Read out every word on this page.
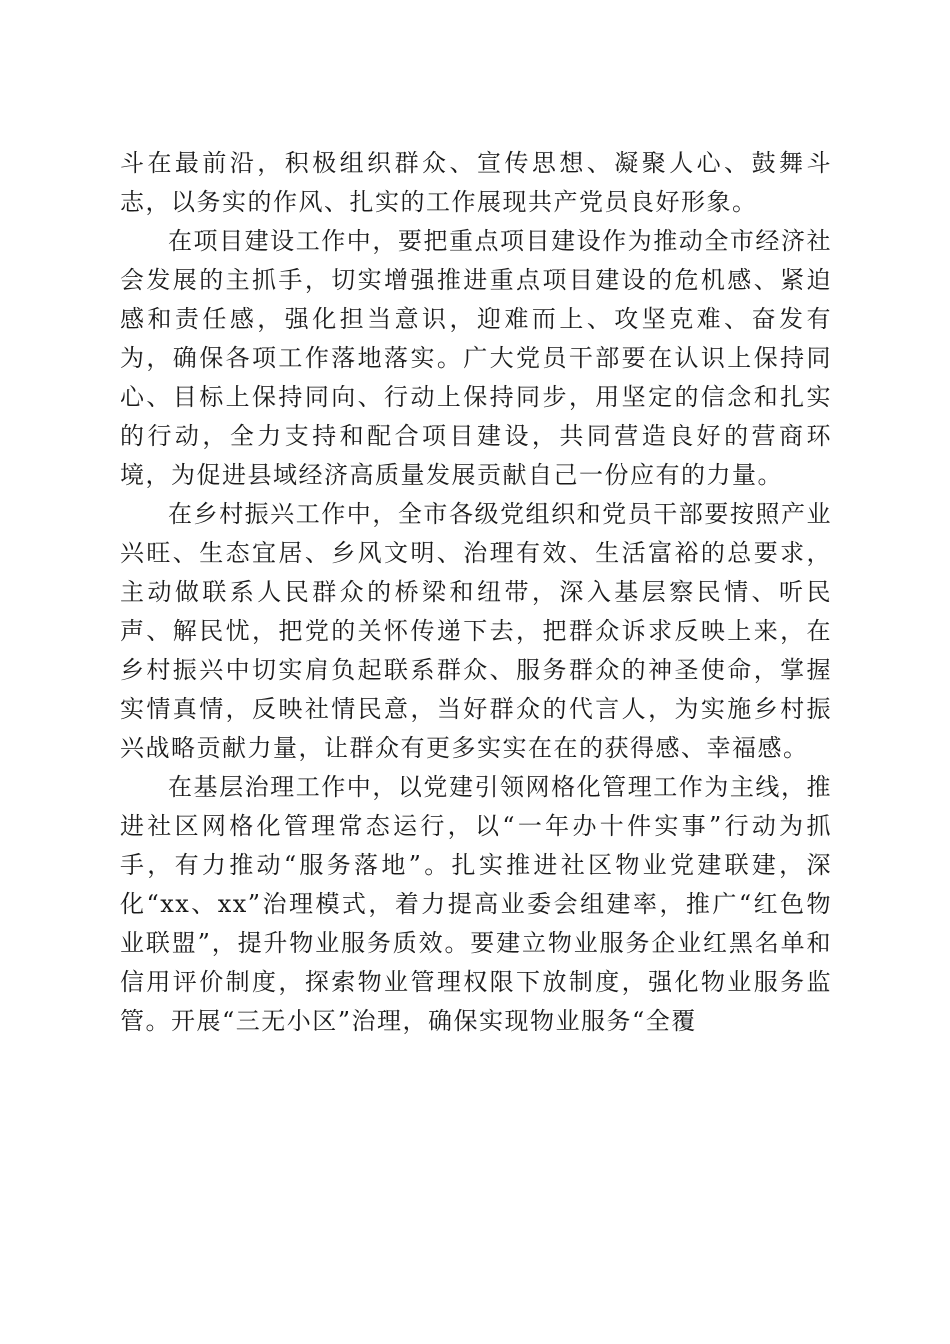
斗在最前沿，积极组织群众、宣传思想、凝聚人心、鼓舞斗志，以务实的作风、扎实的工作展现共产党员良好形象。

在项目建设工作中，要把重点项目建设作为推动全市经济社会发展的主抓手，切实增强推进重点项目建设的危机感、紧迫感和责任感，强化担当意识，迎难而上、攻坚克难、奋发有为，确保各项工作落地落实。广大党员干部要在认识上保持同心、目标上保持同向、行动上保持同步，用坚定的信念和扎实的行动，全力支持和配合项目建设，共同营造良好的营商环境，为促进县域经济高质量发展贡献自己一份应有的力量。

在乡村振兴工作中，全市各级党组织和党员干部要按照产业兴旺、生态宜居、乡风文明、治理有效、生活富裕的总要求，主动做联系人民群众的桥梁和纽带，深入基层察民情、听民声、解民忧，把党的关怀传递下去，把群众诉求反映上来，在乡村振兴中切实肩负起联系群众、服务群众的神圣使命，掌握实情真情，反映社情民意，当好群众的代言人，为实施乡村振兴战略贡献力量，让群众有更多实实在在的获得感、幸福感。

在基层治理工作中，以党建引领网格化管理工作为主线，推进社区网格化管理常态运行，以“一年办十件实事”行动为抓手，有力推动“服务落地”。扎实推进社区物业党建联建，深化“xx、xx”治理模式，着力提高业委会组建率，推广“红色物业联盟”，提升物业服务质效。要建立物业服务企业红黑名单和信用评价制度，探索物业管理权限下放制度，强化物业服务监管。开展“三无小区”治理，确保实现物业服务“全覆
